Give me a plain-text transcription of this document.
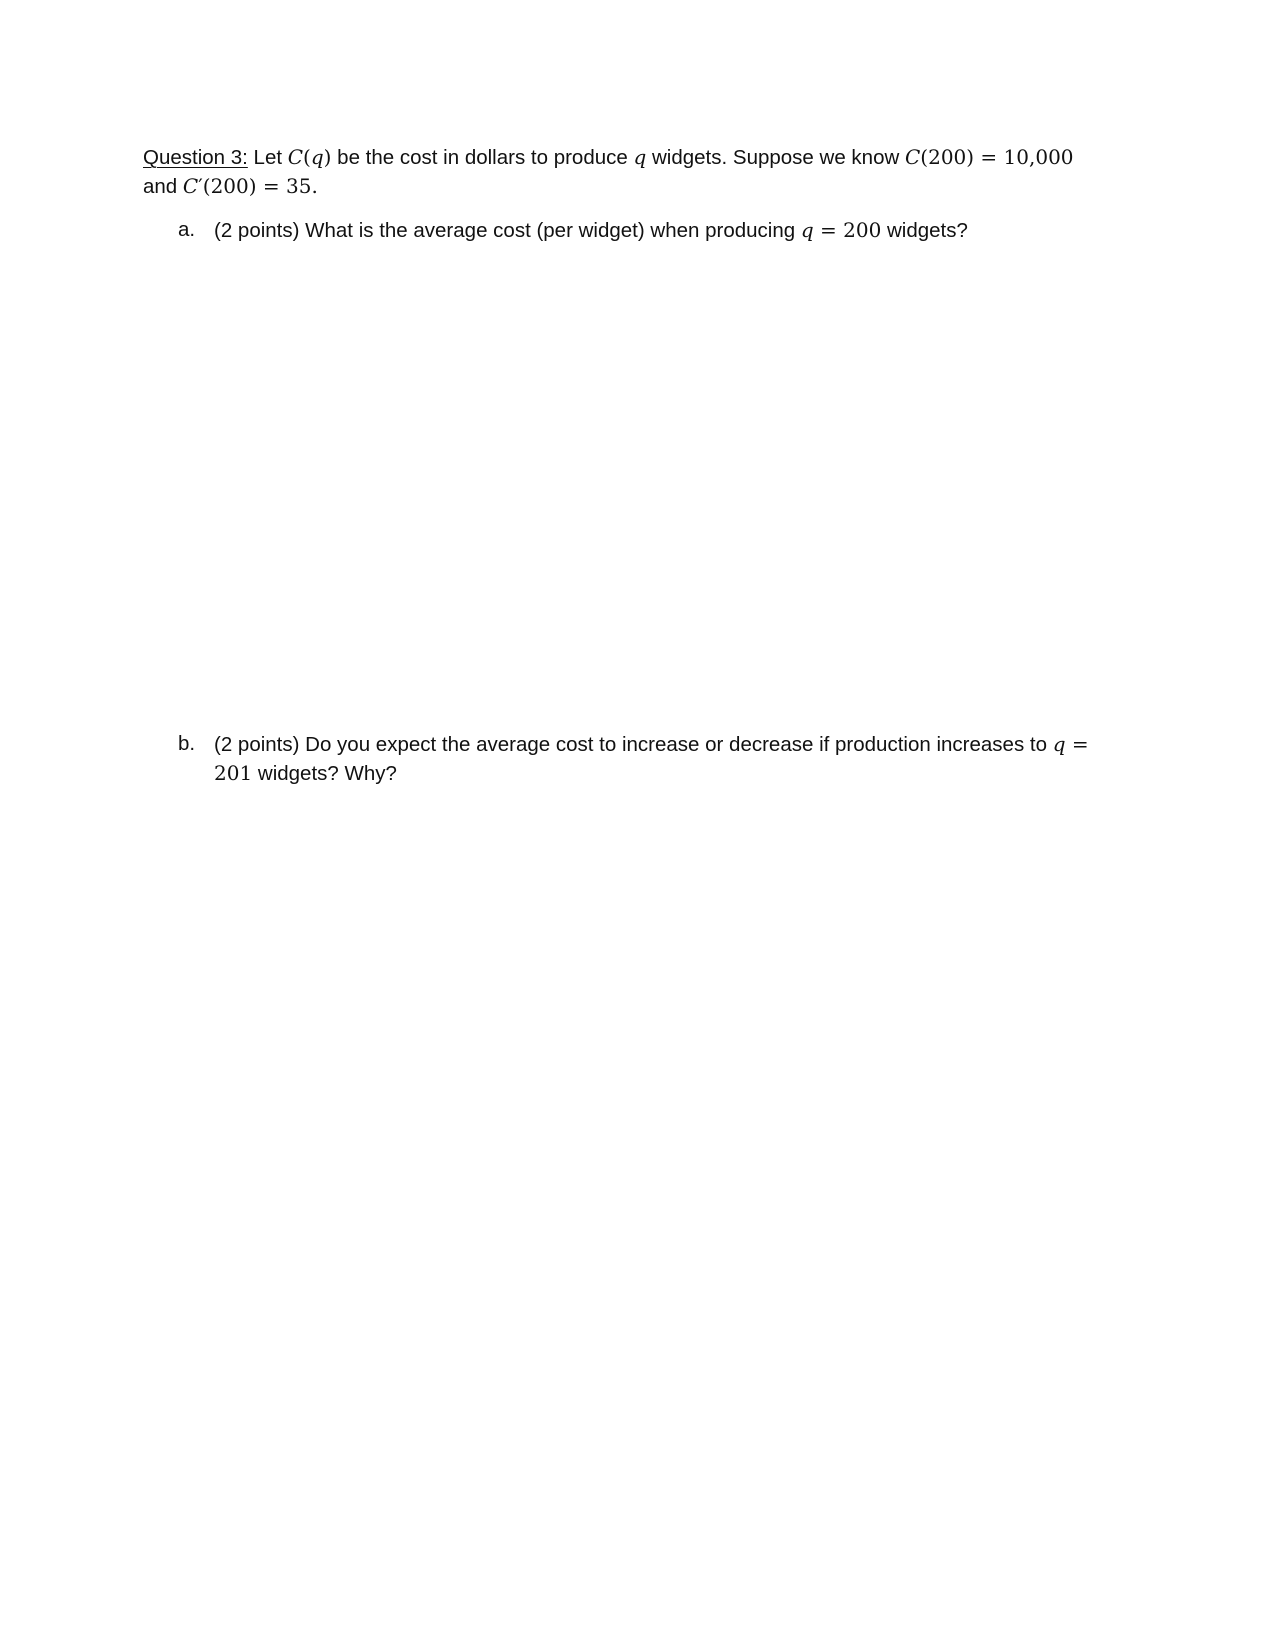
Question 3: Let C(q) be the cost in dollars to produce q widgets. Suppose we know C(200) = 10,000
and C′(200) = 35.
a. (2 points) What is the average cost (per widget) when producing q = 200 widgets?
b. (2 points) Do you expect the average cost to increase or decrease if production increases to q =
201 widgets? Why?
